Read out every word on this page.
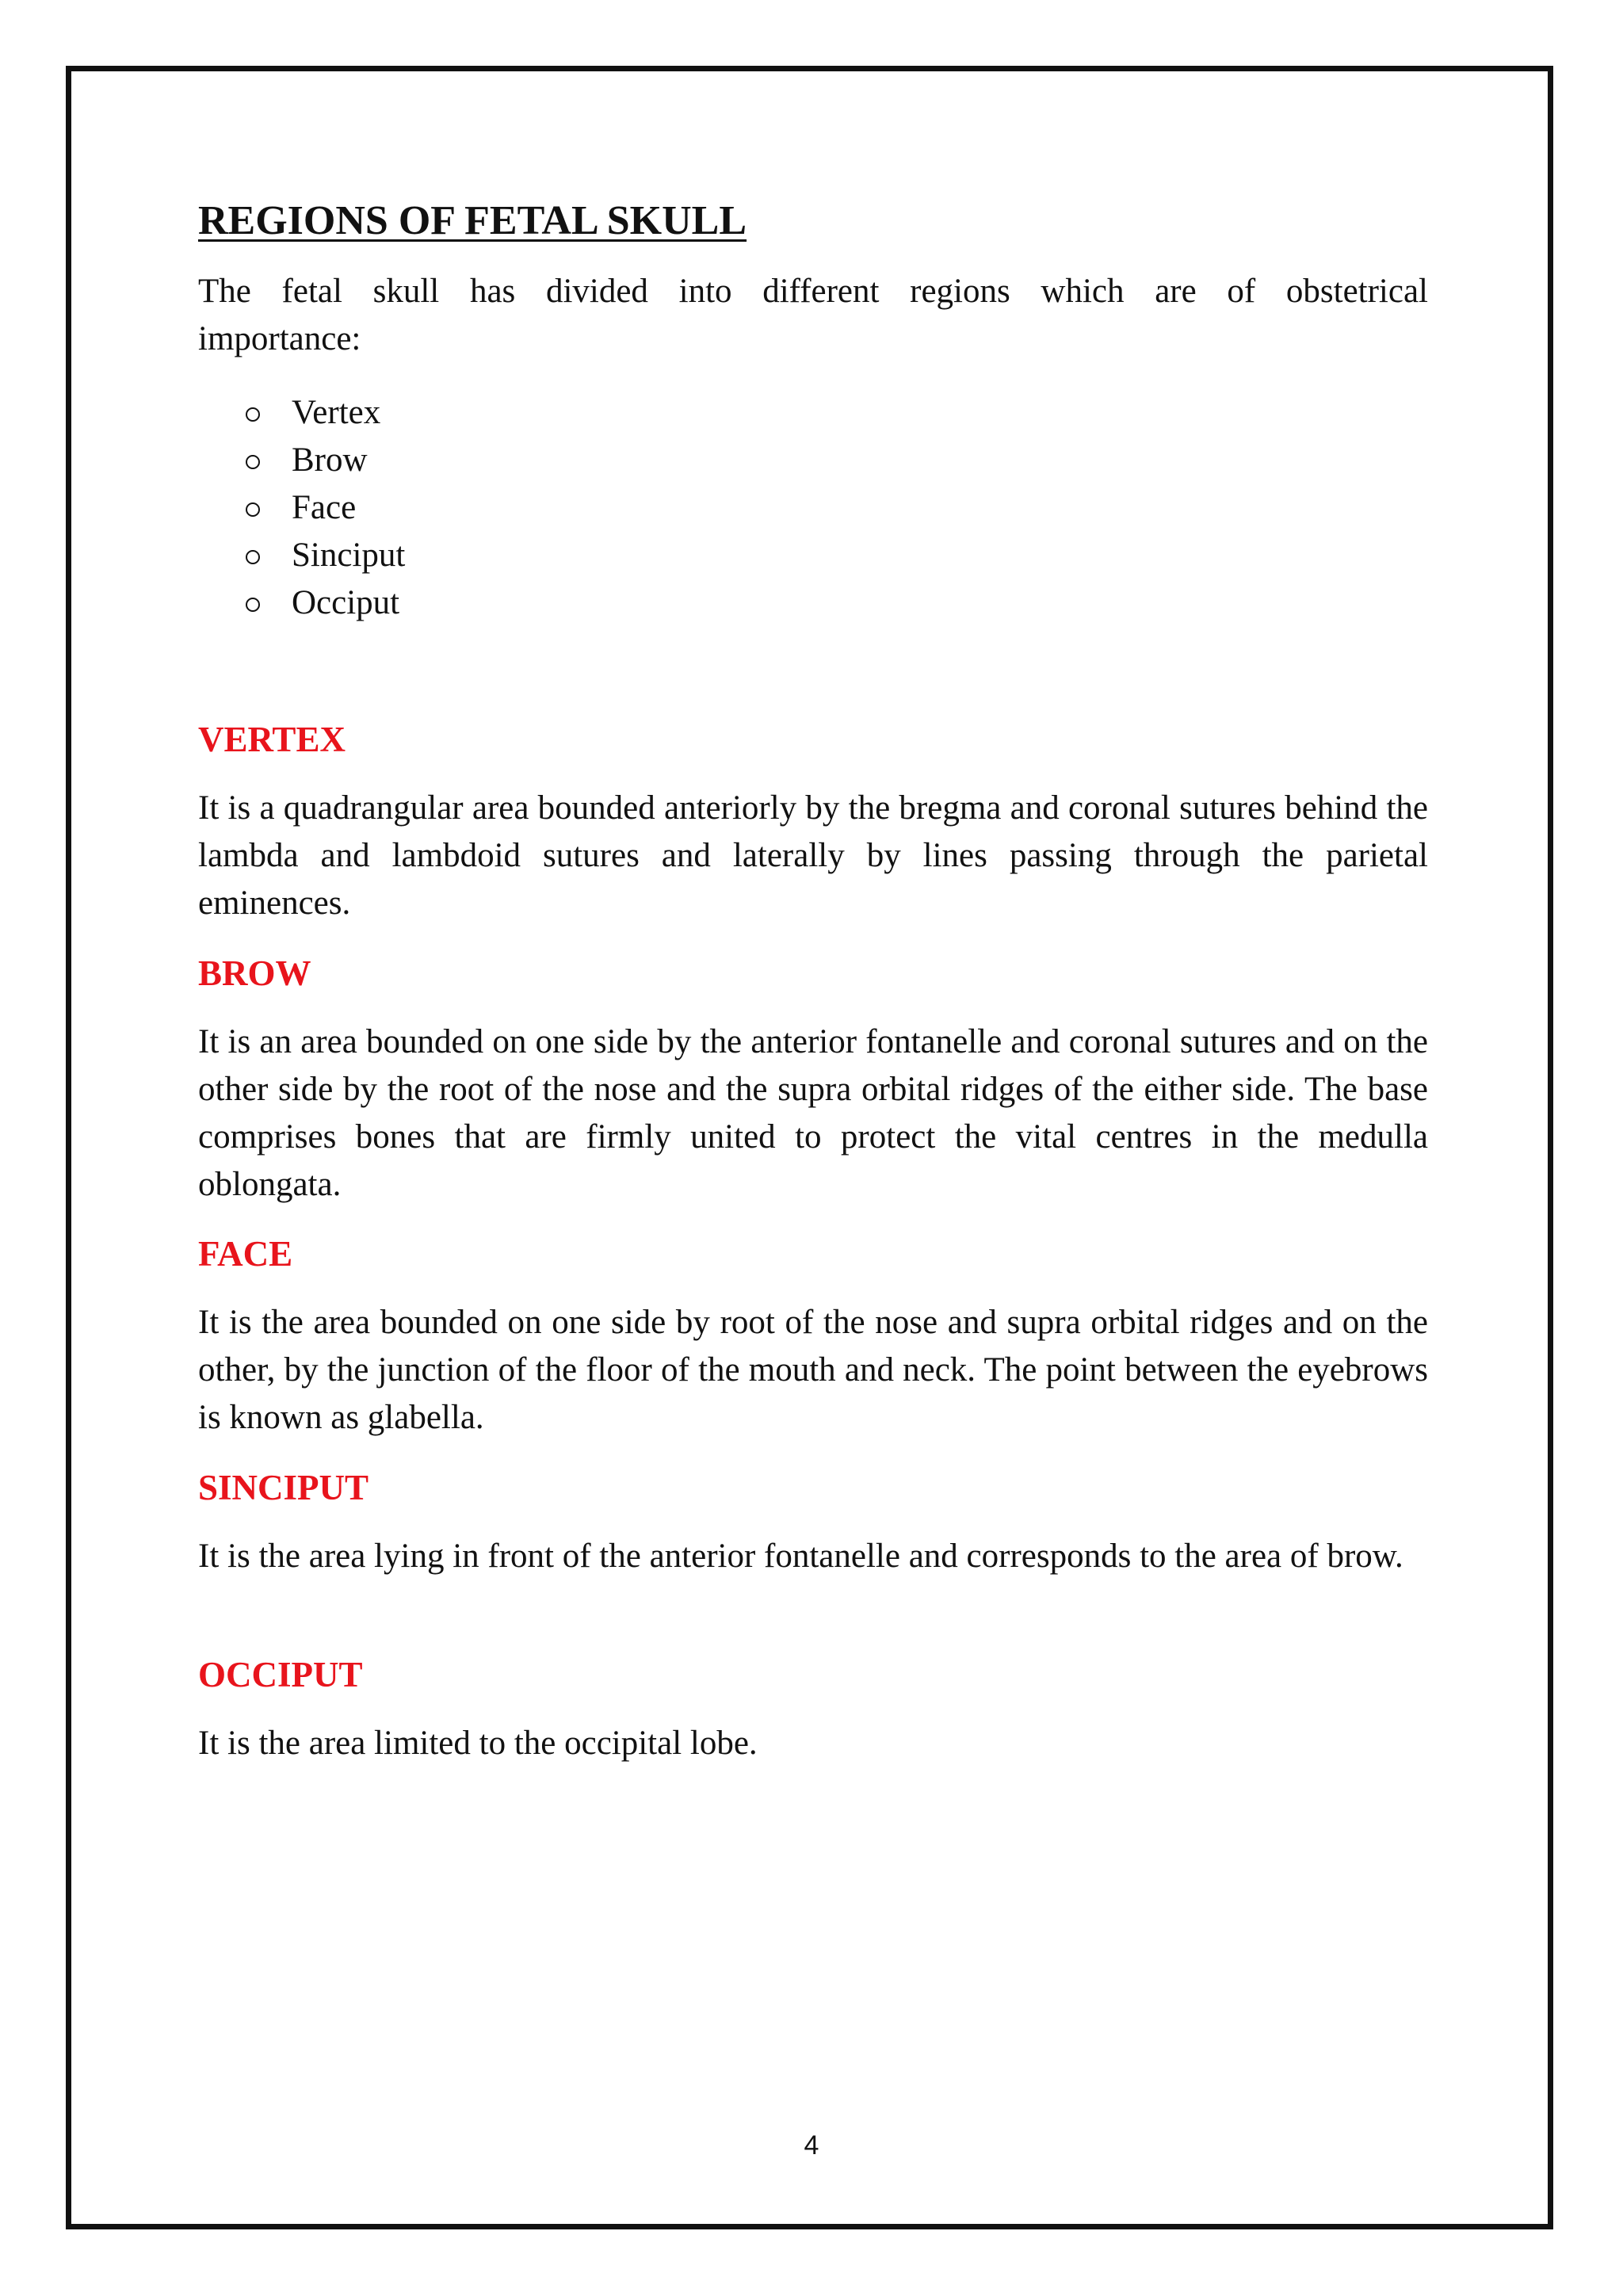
REGIONS OF FETAL SKULL

The fetal skull has divided into different regions which are of obstetrical importance:

Vertex
Brow
Face
Sinciput
Occiput
VERTEX

It is a quadrangular area bounded anteriorly by the bregma and coronal sutures behind the lambda and lambdoid sutures and laterally by lines passing through the parietal eminences.

BROW

It is an area bounded on one side by the anterior fontanelle and coronal sutures and on the other side by the root of the nose and the supra orbital ridges of the either side. The base comprises bones that are firmly united to protect the vital centres in the medulla oblongata.

FACE

It is the area bounded on one side by root of the nose and supra orbital ridges and on the other, by the junction of the floor of the mouth and neck. The point between the eyebrows is known as glabella.

SINCIPUT

It is the area lying in front of the anterior fontanelle and corresponds to the area of brow.

OCCIPUT

It is the area limited to the occipital lobe.

4
